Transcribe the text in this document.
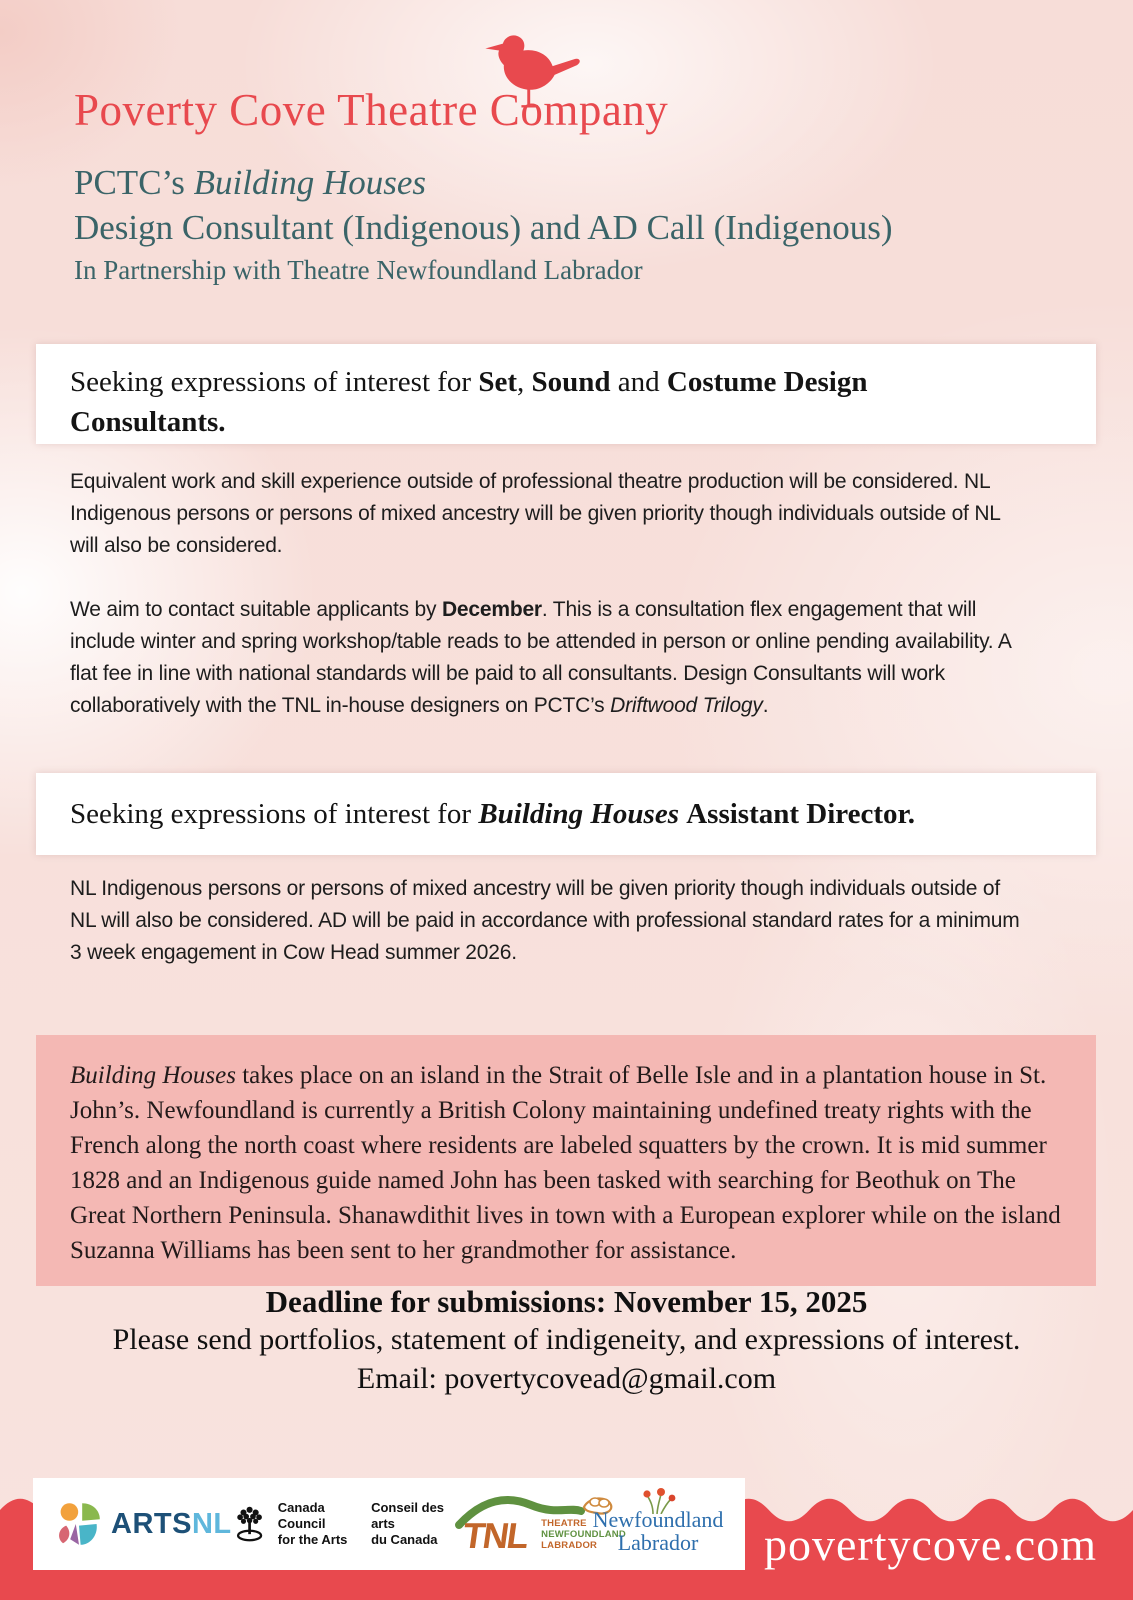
Poverty Cove Theatre Company
PCTC’s Building Houses
Design Consultant (Indigenous) and AD Call (Indigenous)
In Partnership with Theatre Newfoundland Labrador
Seeking expressions of interest for Set, Sound and Costume Design Consultants.
Equivalent work and skill experience outside of professional theatre production will be considered. NL Indigenous persons or persons of mixed ancestry will be given priority though individuals outside of NL will also be considered.
We aim to contact suitable applicants by December. This is a consultation flex engagement that will include winter and spring workshop/table reads to be attended in person or online pending availability. A flat fee in line with national standards will be paid to all consultants. Design Consultants will work collaboratively with the TNL in-house designers on PCTC’s Driftwood Trilogy.
Seeking expressions of interest for Building Houses Assistant Director.
NL Indigenous persons or persons of mixed ancestry will be given priority though individuals outside of NL will also be considered. AD will be paid in accordance with professional standard rates for a minimum 3 week engagement in Cow Head summer 2026.
Building Houses takes place on an island in the Strait of Belle Isle and in a plantation house in St. John’s. Newfoundland is currently a British Colony maintaining undefined treaty rights with the French along the north coast where residents are labeled squatters by the crown. It is mid summer 1828 and an Indigenous guide named John has been tasked with searching for Beothuk on The Great Northern Peninsula. Shanawdithit lives in town with a European explorer while on the island Suzanna Williams has been sent to her grandmother for assistance.
Deadline for submissions: November 15, 2025
Please send portfolios, statement of indigeneity, and expressions of interest.
Email: povertycovead@gmail.com
povertycove.com
ARTSNL	Canada Council
for the Arts
Conseil des arts
du Canada TNL THEATRE
NEWFOUNDLAND
LABRADOR
Newfoundland
Labrador
